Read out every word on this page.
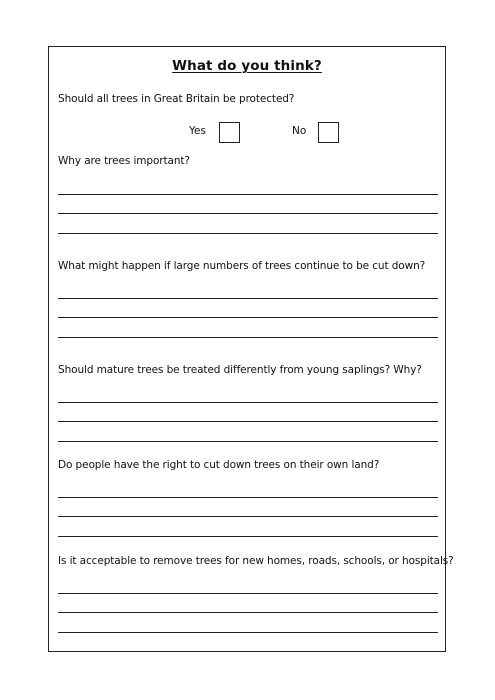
What do you think?
Should all trees in Great Britain be protected?
Yes	No
Why are trees important?
What might happen if large numbers of trees continue to be cut down?
Should mature trees be treated differently from young saplings? Why?
Do people have the right to cut down trees on their own land?
Is it acceptable to remove trees for new homes, roads, schools, or hospitals?
